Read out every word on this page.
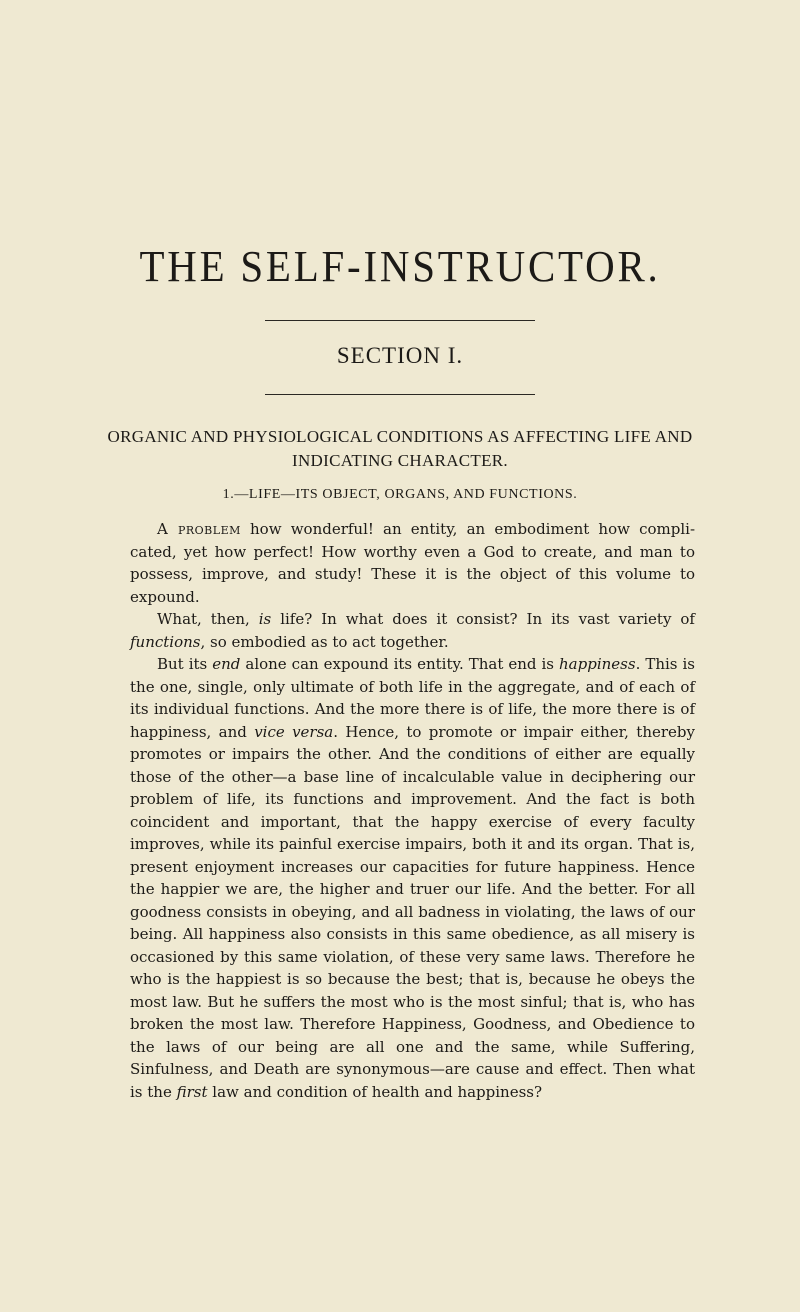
THE SELF-INSTRUCTOR.
SECTION I.
ORGANIC AND PHYSIOLOGICAL CONDITIONS AS AFFECTING LIFE AND INDICATING CHARACTER.
1.—LIFE—ITS OBJECT, ORGANS, AND FUNCTIONS.

A problem how wonderful! an entity, an embodiment how complicated, yet how perfect! How worthy even a God to create, and man to possess, improve, and study! These it is the object of this volume to expound.

What, then, is life? In what does it consist? In its vast variety of functions, so embodied as to act together.

But its end alone can expound its entity. That end is happiness. This is the one, single, only ultimate of both life in the aggregate, and of each of its individual functions. And the more there is of life, the more there is of happiness, and vice versa. Hence, to promote or impair either, thereby promotes or impairs the other. And the conditions of either are equally those of the other—a base line of incalculable value in deciphering our problem of life, its functions and improvement. And the fact is both coincident and important, that the happy exercise of every faculty improves, while its painful exercise impairs, both it and its organ. That is, present enjoyment increases our capacities for future happiness. Hence the happier we are, the higher and truer our life. And the better. For all goodness consists in obeying, and all badness in violating, the laws of our being. All happiness also consists in this same obedience, as all misery is occasioned by this same violation, of these very same laws. Therefore he who is the happiest is so because the best; that is, because he obeys the most law. But he suffers the most who is the most sinful; that is, who has broken the most law. Therefore Happiness, Goodness, and Obedience to the laws of our being are all one and the same, while Suffering, Sinfulness, and Death are synonymous—are cause and effect. Then what is the first law and condition of health and happiness?
